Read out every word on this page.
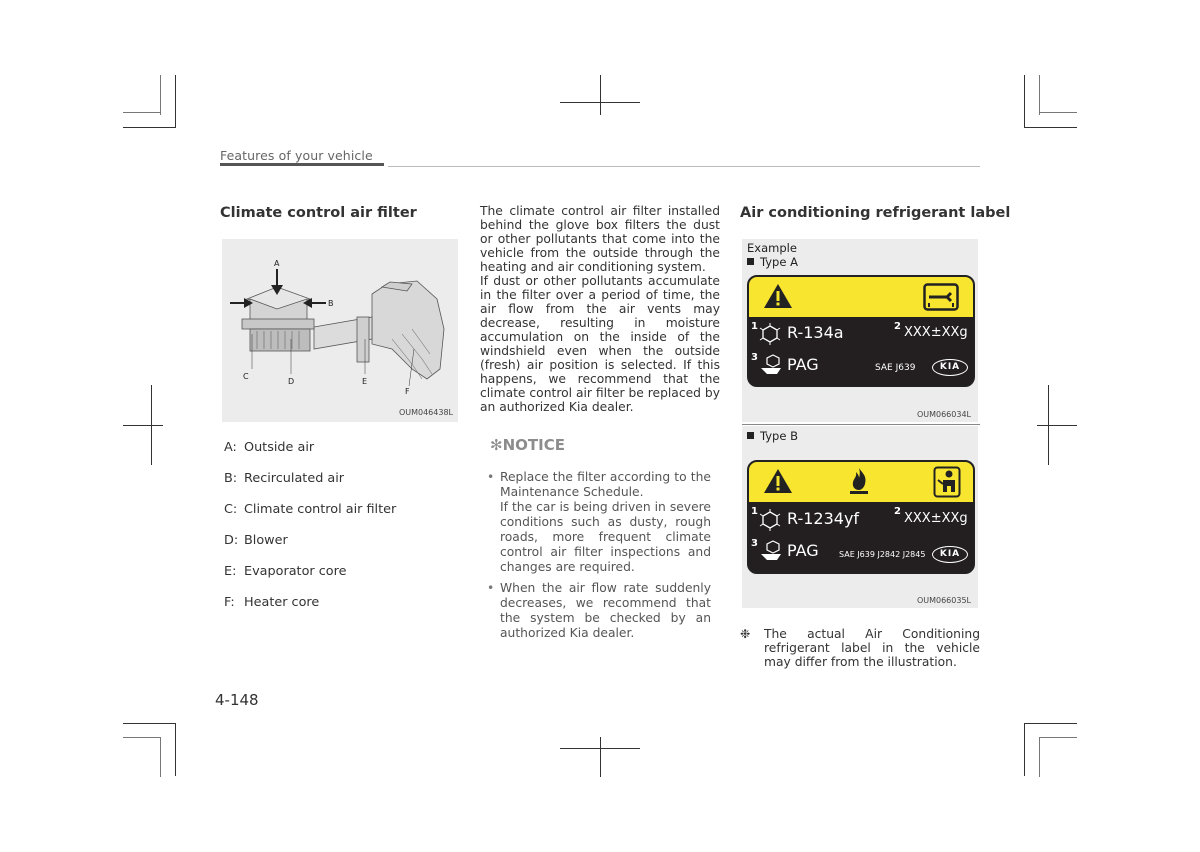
Features of your vehicle
Climate control air filter
A
B
C
D	E
F
OUM046438L
A: Outside air
B: Recirculated air
C: Climate control air filter
D: Blower
E: Evaporator core
F: Heater core
The climate control air filter installed behind the glove box filters the dust or other pollutants that come into the vehicle from the outside through the heating and air conditioning system.
If dust or other pollutants accumulate in the filter over a period of time, the air flow from the air vents may decrease, resulting in moisture accumulation on the inside of the windshield even when the outside (fresh) air position is selected. If this happens, we recommend that the climate control air filter be replaced by an authorized Kia dealer.
✻NOTICE
• Replace the filter according to the Maintenance Schedule.
If the car is being driven in severe conditions such as dusty, rough roads, more frequent climate control air filter inspections and changes are required.
• When the air flow rate suddenly decreases, we recommend that the system be checked by an authorized Kia dealer.
Air conditioning refrigerant label
Example
Type A
1 R-134a	2 XXX±XXg
3 PAG	SAE J639	KIA
OUM066034L
Type B
1 R-1234yf	2 XXX±XXg
3 PAG	SAE J639 J2842 J2845	KIA
OUM066035L
❉ The actual Air Conditioning refrigerant label in the vehicle may differ from the illustration.
4-148
